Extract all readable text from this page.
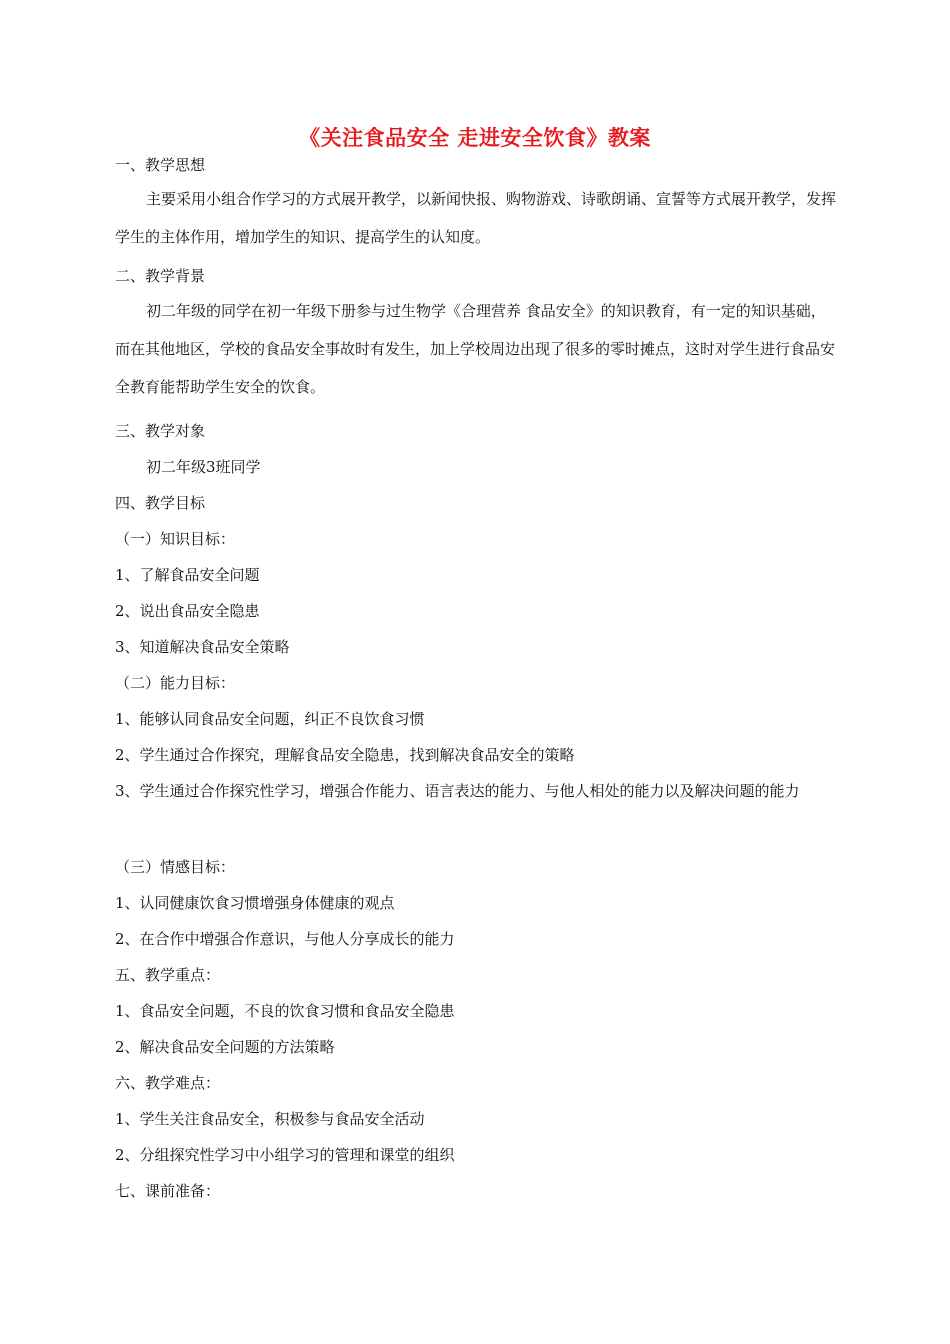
《关注食品安全 走进安全饮食》教案
一、教学思想
主要采用小组合作学习的方式展开教学，以新闻快报、购物游戏、诗歌朗诵、宣誓等方式展开教学，发挥学生的主体作用，增加学生的知识、提高学生的认知度。
二、教学背景
初二年级的同学在初一年级下册参与过生物学《合理营养 食品安全》的知识教育，有一定的知识基础，而在其他地区，学校的食品安全事故时有发生，加上学校周边出现了很多的零时摊点，这时对学生进行食品安全教育能帮助学生安全的饮食。
三、教学对象
初二年级3班同学
四、教学目标
（一）知识目标：
1、了解食品安全问题
2、说出食品安全隐患
3、知道解决食品安全策略
（二）能力目标：
1、能够认同食品安全问题，纠正不良饮食习惯
2、学生通过合作探究，理解食品安全隐患，找到解决食品安全的策略
3、学生通过合作探究性学习，增强合作能力、语言表达的能力、与他人相处的能力以及解决问题的能力
（三）情感目标：
1、认同健康饮食习惯增强身体健康的观点
2、在合作中增强合作意识，与他人分享成长的能力
五、教学重点：
1、食品安全问题，不良的饮食习惯和食品安全隐患
2、解决食品安全问题的方法策略
六、教学难点：
1、学生关注食品安全，积极参与食品安全活动
2、分组探究性学习中小组学习的管理和课堂的组织
七、课前准备：
